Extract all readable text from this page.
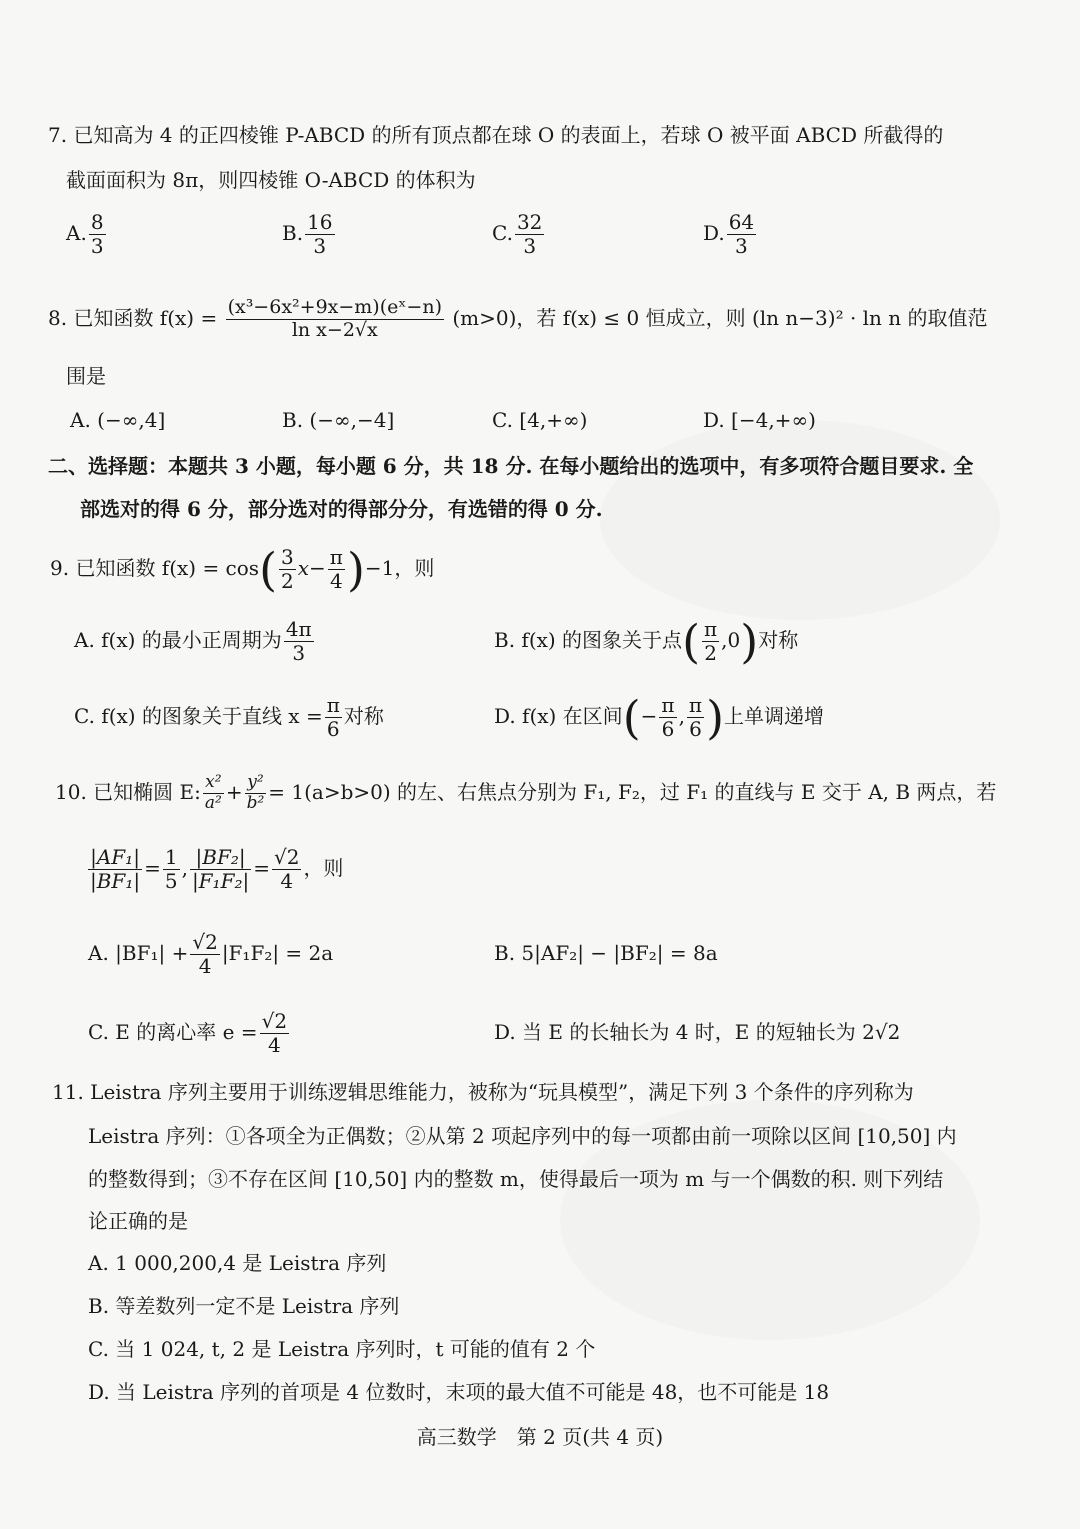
7. 已知高为 4 的正四棱锥 P-ABCD 的所有顶点都在球 O 的表面上，若球 O 被平面 ABCD 所截得的
截面面积为 8π，则四棱锥 O-ABCD 的体积为
A. $\frac{8}{3}$	B. $\frac{16}{3}$	C. $\frac{32}{3}$	D. $\frac{64}{3}$
8. 已知函数 $f(x) = \frac{\text{(x³−6x²+9x−m)(eˣ−n)}}{\text{ln x−2√x}} (m>0)$，若 f(x) ≤ 0 恒成立，则 (ln n−3)² · ln n 的取值范
围是
A. (−∞,4]	B. (−∞,−4]	C. [4,+∞)	D. [−4,+∞)
二、选择题：本题共 3 小题，每小题 6 分，共 18 分. 在每小题给出的选项中，有多项符合题目要求. 全
部选对的得 6 分，部分选对的得部分分，有选错的得 0 分.
9. 已知函数 $f(x) = \cos( \frac{3}{2} x- \frac{\pi}{4} )-1$，则
A. f(x) 的最小正周期为 $\frac{4\pi}{3}$	B. f(x) 的图象关于点( $\frac{\pi}{2} ,0$)对称
C. f(x) 的图象关于直线 $x = \frac{\pi}{6}$ 对称	D. f(x) 在区间(− $\frac{\pi}{6}$ , $\frac{\pi}{6}$ )上单调递增
10. 已知椭圆 E: $\frac{\text{x²}}{\text{a²}} + \frac{\text{y²}}{\text{b²}} = 1(a>b>0)$ 的左、右焦点分别为 F₁, F₂，过 F₁ 的直线与 E 交于 A, B 两点，若
$\frac{\text{|AF₁|}}{\text{|BF₁|}} = \frac{1}{5}$ , $\frac{\text{|BF₂|}}{\text{|F₁F₂|}} = \frac{√2}{4}$ ，则
A. $|BF_1| + \frac{√2}{4} |F_1F_2| = 2a$	B. 5|AF₂| − |BF₂| = 8a
C. E 的离心率 $e = \frac{√2}{4}$	D. 当 E 的长轴长为 4 时，E 的短轴长为 2√2
11. Leistra 序列主要用于训练逻辑思维能力，被称为“玩具模型”，满足下列 3 个条件的序列称为
Leistra 序列：①各项全为正偶数；②从第 2 项起序列中的每一项都由前一项除以区间 [10,50] 内
的整数得到；③不存在区间 [10,50] 内的整数 m，使得最后一项为 m 与一个偶数的积. 则下列结
论正确的是
A. 1 000,200,4 是 Leistra 序列
B. 等差数列一定不是 Leistra 序列
C. 当 1 024, t, 2 是 Leistra 序列时，t 可能的值有 2 个
D. 当 Leistra 序列的首项是 4 位数时，末项的最大值不可能是 48，也不可能是 18
高三数学　第 2 页(共 4 页)
